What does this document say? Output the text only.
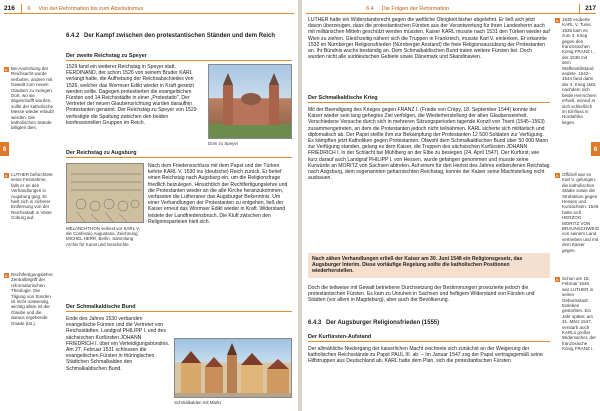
216 6 Von der Reformation bis zum Absolutismus
6
6.4.2 Der Kampf zwischen den protestantischen Ständen und dem Reich
Der zweite Reichstag zu Speyer
1529 fand ein weiterer Reichstag in Speyer statt. FERDINAND, der schon 1526 von seinem Bruder KARL verlangt hatte, die Aufhebung der Reichsabschiedes von 1526, welcher das Wormser Edikt wieder in Kraft gesetzt werden sollte. Dagegen protestierten die evangelischen Fürsten und 14 Reichsstädte in einer „Protestatio". Der Vertreter der neuen Glaubensrichtung wurden daraufhin Protestanten genannt. Der Reichstag zu Speyer von 1529 verfestigte die Spaltung zwischen den beiden konfessionellen Gruppen im Reich.
Dom zu Speyer
Der Reichstag zu Augsburg
Nach dem Friedensschluss mit dem Papst und der Türken kehrte KARL V. 1530 ins (deutsche) Reich zurück. Er berief einen Reichstag nach Augsburg ein, um die Religionsfrage friedlich beizulegen. Hinsichtlich der Rechtfertigungslehre und die Protestanten wieder an die alte Kirche heranzukommen, verfassten die Lutheraner das Augsburger Bekenntnis. Um einer Verhandlungen der Protestanten zu entgehen, ließ der Kaiser erneut das Wormser Edikt wieder in Kraft. Widerstand leistete der Landfriedensbruch. Die Kluft zwischen den Religionsparteien hielt sich.
MELANCHTHON verliest vor KARL V. die Confessio Augustana, Zeichnung MICHEL HERR, Berlin, Sammlung Archiv für Kunst und Geschichte
Der Schmalkaldische Bund
Ende des Jahres 1530 verbanden evangelische Fürsten und die Vertreter von Reichsstädten. Landgraf PHILIPP I. und des sächsischen Kurfürsten JOHANN FRIEDRICH I. über ein Verteidigungsbündnis. Am 27. Februar 1531 schlossen die evangelischen Fürsten in thüringischen Städtchen Schmalkalden den Schmalkaldischen Bund.
Schmalkalden mit Markt
▸ Bei Androhung der Reichsacht wurde verboten, andere mit Gewalt zum neuen Glauben zu zwingen. Dort, wo sie abgeschafft wurden, sollte der katholische Messe wieder erlaubt werden. Die katholischen Stände billigten dies.
▸ LUTHER befürchtete seine Festnahme, falls er an den Verhandlungen in Augsburg ging. Er hielt sich in sicherer Entfernung von der Reichsstadt in Veste Coburg auf.
▸ Rechtfertigungslehre: Zentralbegriff der reformatorischen Theologie. Die Tilgung von Sünden ist nicht notwendig, wichtig allein ist der Glaube und die daraus ergebende Gnade (lat.).
6.4 Die Folgen der Reformation	217
6
LUTHER hatte ein Widerstandsrecht gegen die weltliche Obrigkeit bisher abgelehnt. Er ließ sich jetzt davon überzeugen, dass die protestantischen Fürsten aus der Verantwortung für ihren Landesherrn auch mit militärischen Mitteln geschützt werden müssten. Kaiser KARL musste nach 1531 den Türken wieder auf Wien zu ziehen. Gleichzeitig nähern sich die Truppen in Frankreich, musste Karl V. einlenken. Er erkannte 1532 im Nürnberger Religionsfrieden (Nürnberger Anstand) die freie Religionsausübung der Protestanten an. Ihr Bündnis wuchs beständig an. Dem Schmalkaldischen Bund traten weitere Fürsten bei. Doch wurden nicht alle süddeutschen Gebiete sowie Dänemark und Skandinavien.
Der Schmalkaldische Krieg
Mit der Beendigung des Krieges gegen FRANZ I. (Friede von Crépy, 18. September 1544) konnte der Kaiser wieder sein lang gehegtes Ziel verfolgen, die Wiederherstellung der alten Glaubenseinheit. Verschiedene Versuche durch sich in mehreren Sitzungsperioden tagende Konzil von Trient (1545–1563) zusammengetreten, an dem die Protestanten jedoch nicht teilnahmen. KARL sicherte sich militärisch und diplomatisch ab. Der Papst stellte ihm zur Bekämpfung der Protestanten 12 500 Soldaten zur Verfügung. Es kämpften jetzt Katholiken gegen Protestanten. Obwohl dem Schmalkaldischen Bund über 50 000 Mann zur Verfügung standen, gelang es dem Kaiser, die Truppen des sächsischen Kurfürsten JOHANN FRIEDRICH I. in der Schlacht bei Mühlberg an der Elbe zu besiegen (24. April 1547). Der Kurfürst, wie kurz darauf auch Landgraf PHILIPP I. von Hessen, wurde gefangen genommen und musste seine Kurwürde an MORITZ von Sachsen abtreten. Auf einem für den Herbst des Jahres einberufenen Reichstag nach Augsburg, dem sogenannten geharnischten Reichstag, konnte der Kaiser seine Machtstellung nicht ausbauen.
Nach zähen Verhandlungen erließ der Kaiser am 30. Juni 1548 ein Religionsgesetz, das Augsburger Interim. Diese vorläufige Regelung sollte die katholischen Positionen wiederherstellen.
Doch die teilweise mit Gewalt betriebene Durchsetzung der Bestimmungen provozierte jedoch die protestantischen Fürsten. Es kam zu Unruhen in Sachsen und heftigem Widerstand von Fürsten und Städten (vor allem in Magdeburg), aber auch der Bevölkerung.
6.4.3 Der Augsburger Religionsfrieden (1555)
Der Kurfürsten-Aufstand
Der allmähliche Niedergang der kaiserlichen Macht zeichnete sich zunächst an der Weigerung der katholischen Reichsstände zu Papst PAUL III. ab. – Im Januar 1547 zog der Papst vertragsgemäß seine Hilfstruppen aus Deutschland ab. KARL hatte dem Plan, sich die protestantischen Fürsten
▸ 1535 eroberte KARL V. Tunis. 1536 kam es zum 3. Krieg gegen den französischen König FRANZ I., der 1538 mit dem Waffenstillstand endete. 1542–1544 fand dann der 4. Krieg statt, nachdem sich beide Herrschern erhielt, worauf er sich schließlich im Einfluss in Nordafrika liegen.
▸ Offiziell war es Karl V. gelungen, die katholischen Städte sowie die Strafaktion gegen Hessen und Kursachsen. 1546 hatte sich HERZOG MORITZ VON BRAUNSCHWEIG von seinem Land vertrieben und mit dem Kaiser gegen.
▸ Schon am 18. Februar 1546 war LUTHER in seiner Geburtsstadt Eisleben gestorben. Ein Jahr später, am 31. März 1547, verstarb auch KARLs großer Widersacher, der französische König FRANZ I.
